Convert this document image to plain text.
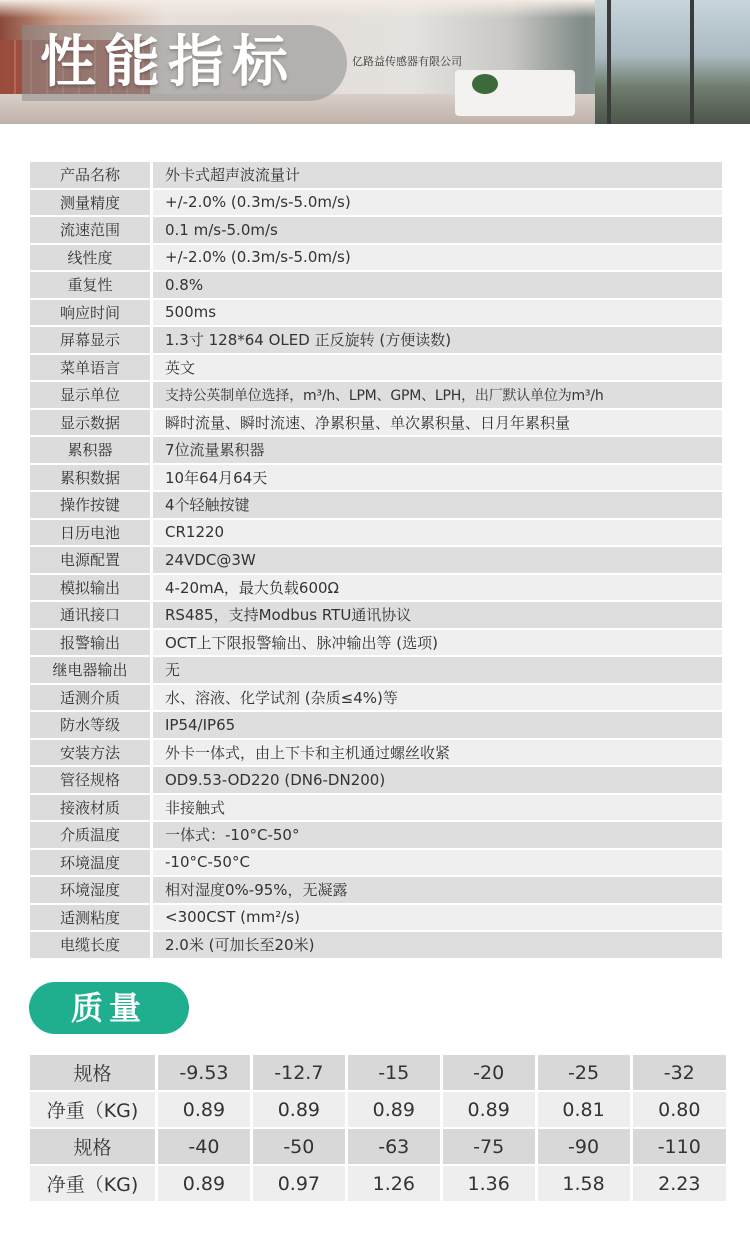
性能指标	亿路益传感器有限公司
产品名称	外卡式超声波流量计
测量精度	+/-2.0% (0.3m/s-5.0m/s)
流速范围	0.1 m/s-5.0m/s
线性度	+/-2.0% (0.3m/s-5.0m/s)
重复性	0.8%
响应时间	500ms
屏幕显示	1.3寸 128*64 OLED 正反旋转 (方便读数)
菜单语言	英文
显示单位	支持公英制单位选择，m³/h、LPM、GPM、LPH，出厂默认单位为m³/h
显示数据	瞬时流量、瞬时流速、净累积量、单次累积量、日月年累积量
累积器	7位流量累积器
累积数据	10年64月64天
操作按键	4个轻触按键
日历电池	CR1220
电源配置	24VDC@3W
模拟输出	4-20mA，最大负载600Ω
通讯接口	RS485，支持Modbus RTU通讯协议
报警输出	OCT上下限报警输出、脉冲输出等 (选项)
继电器输出	无
适测介质	水、溶液、化学试剂 (杂质≤4%)等
防水等级	IP54/IP65
安装方法	外卡一体式，由上下卡和主机通过螺丝收紧
管径规格	OD9.53-OD220 (DN6-DN200)
接液材质	非接触式
介质温度	一体式：-10°C-50°
环境温度	-10°C-50°C
环境湿度	相对湿度0%-95%，无凝露
适测粘度	<300CST (mm²/s)
电缆长度	2.0米 (可加长至20米)
质量
规格	-9.53	-12.7	-15	-20	-25	-32
净重（KG)	0.89	0.89	0.89	0.89	0.81	0.80
规格	-40	-50	-63	-75	-90	-110
净重（KG)	0.89	0.97	1.26	1.36	1.58	2.23
